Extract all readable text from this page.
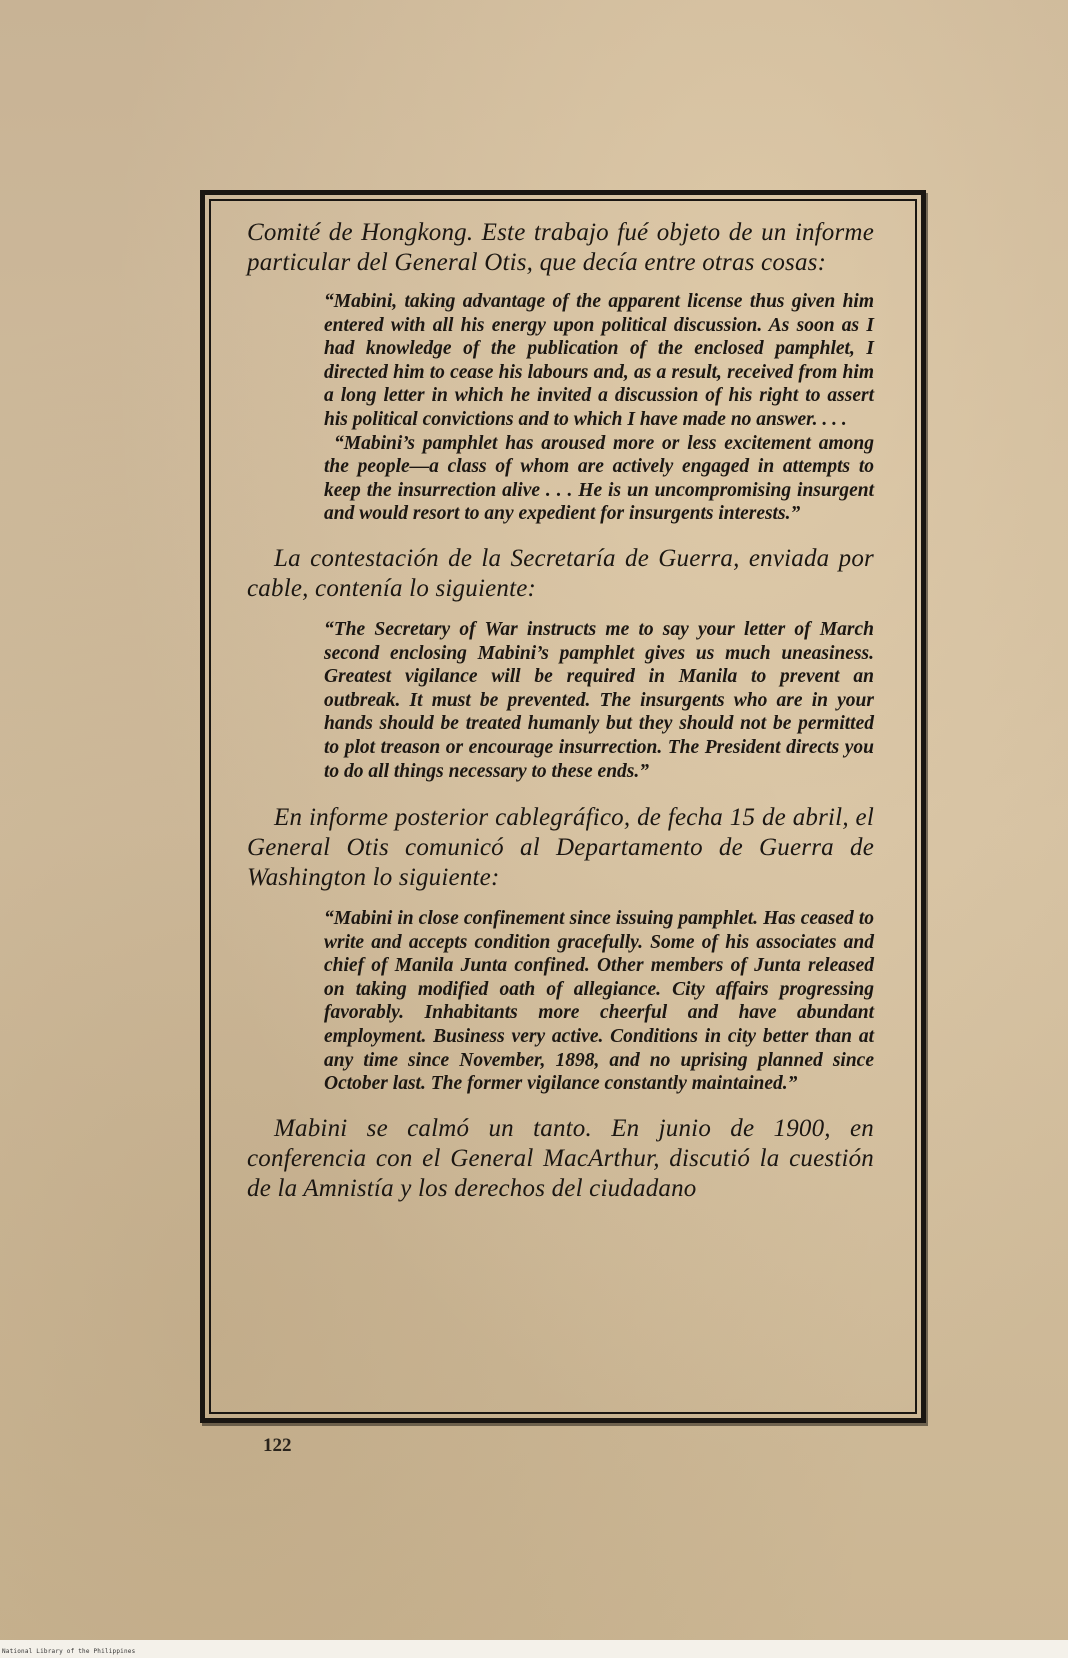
Comité de Hongkong. Este trabajo fué objeto de un informe particular del General Otis, que decía entre otras cosas:

“Mabini, taking advantage of the apparent license thus given him entered with all his energy upon political discussion. As soon as I had knowledge of the publication of the enclosed pamphlet, I directed him to cease his labours and, as a result, received from him a long letter in which he invited a discussion of his right to assert his political convictions and to which I have made no answer. . . .

“Mabini’s pamphlet has aroused more or less excitement among the people—a class of whom are actively engaged in attempts to keep the insurrection alive . . . He is un uncompromising insurgent and would resort to any expedient for insurgents interests.”

La contestación de la Secretaría de Guerra, enviada por cable, contenía lo siguiente:

“The Secretary of War instructs me to say your letter of March second enclosing Mabini’s pamphlet gives us much uneasiness. Greatest vigilance will be required in Manila to prevent an outbreak. It must be prevented. The insurgents who are in your hands should be treated humanly but they should not be permitted to plot treason or encourage insurrection. The President directs you to do all things necessary to these ends.”

En informe posterior cablegráfico, de fecha 15 de abril, el General Otis comunicó al Departamento de Guerra de Washington lo siguiente:

“Mabini in close confinement since issuing pamphlet. Has ceased to write and accepts condition gracefully. Some of his associates and chief of Manila Junta confined. Other members of Junta released on taking modified oath of allegiance. City affairs progressing favorably. Inhabitants more cheerful and have abundant employment. Business very active. Conditions in city better than at any time since November, 1898, and no uprising planned since October last. The former vigilance constantly maintained.”

Mabini se calmó un tanto. En junio de 1900, en conferencia con el General MacArthur, discutió la cuestión de la Amnistía y los derechos del ciudadano

122
National Library of the Philippines
